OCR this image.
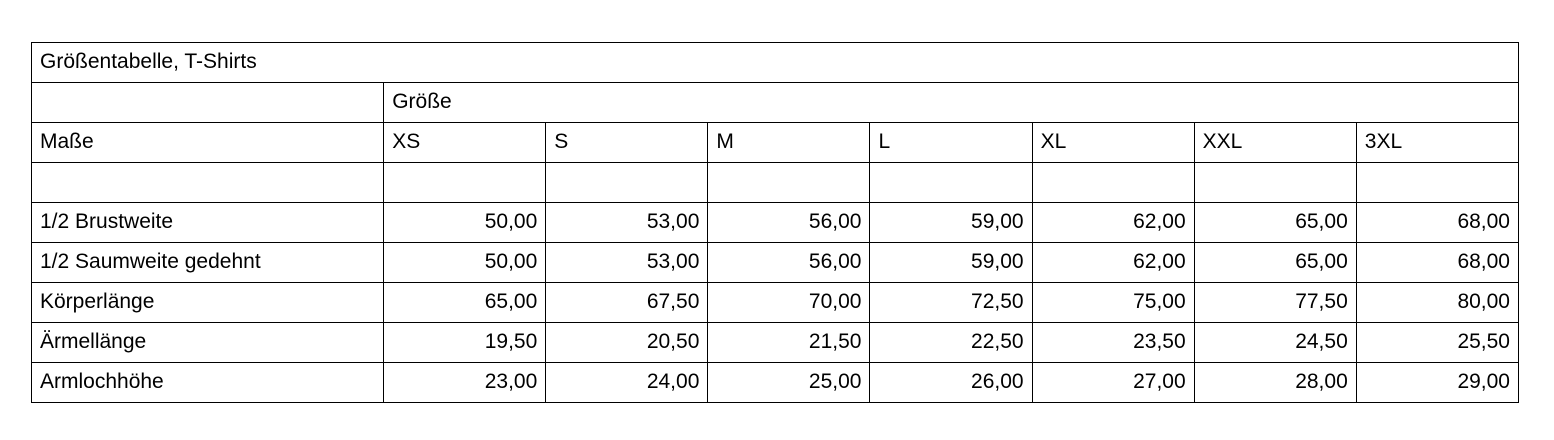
Größentabelle, T-Shirts							
	Größe						
Maße	XS	S	M	L	XL	XXL	3XL

1/2 Brustweite	50,00	53,00	56,00	59,00	62,00	65,00	68,00
1/2 Saumweite gedehnt	50,00	53,00	56,00	59,00	62,00	65,00	68,00
Körperlänge	65,00	67,50	70,00	72,50	75,00	77,50	80,00
Ärmellänge	19,50	20,50	21,50	22,50	23,50	24,50	25,50
Armlochhöhe	23,00	24,00	25,00	26,00	27,00	28,00	29,00
